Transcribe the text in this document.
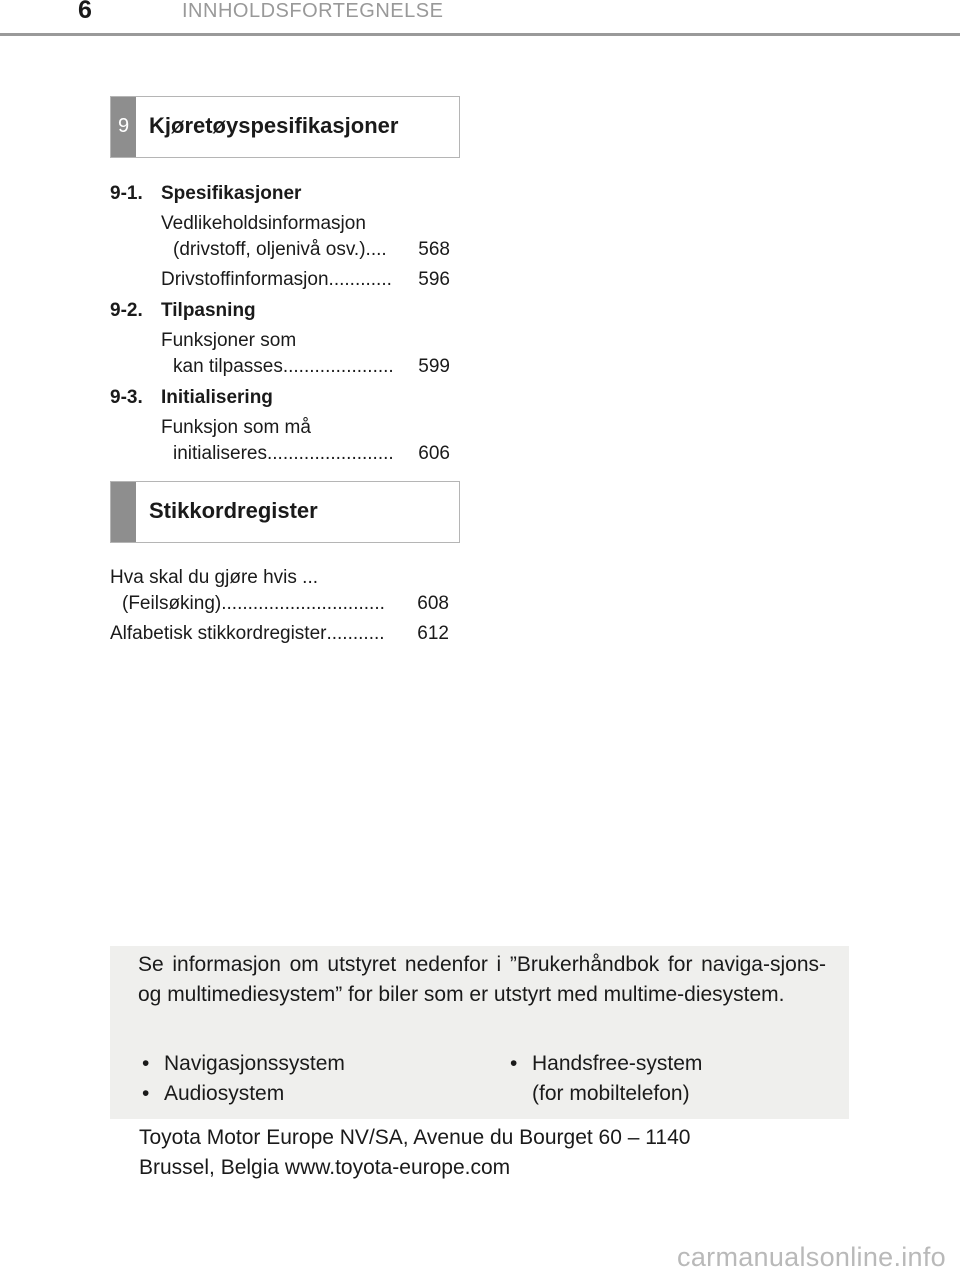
6	INNHOLDSFORTEGNELSE
9 Kjøretøyspesifikasjoner
9-1. Spesifikasjoner
Vedlikeholdsinformasjon
(drivstoff, oljenivå osv.) ....	568
Drivstoffinformasjon ............	596
9-2. Tilpasning
Funksjoner som
kan tilpasses .....................	599
9-3. Initialisering
Funksjon som må
initialiseres ........................	606
Stikkordregister
Hva skal du gjøre hvis ...
(Feilsøking) ...............................	608
Alfabetisk stikkordregister ...........	612
Se informasjon om utstyret nedenfor i ”Brukerhåndbok for naviga-sjons- og multimediesystem” for biler som er utstyrt med multime-diesystem.
• Navigasjonssystem
• Audiosystem
• Handsfree-system
(for mobiltelefon)
Toyota Motor Europe NV/SA, Avenue du Bourget 60 – 1140
Brussel, Belgia www.toyota-europe.com
carmanualsonline.info
